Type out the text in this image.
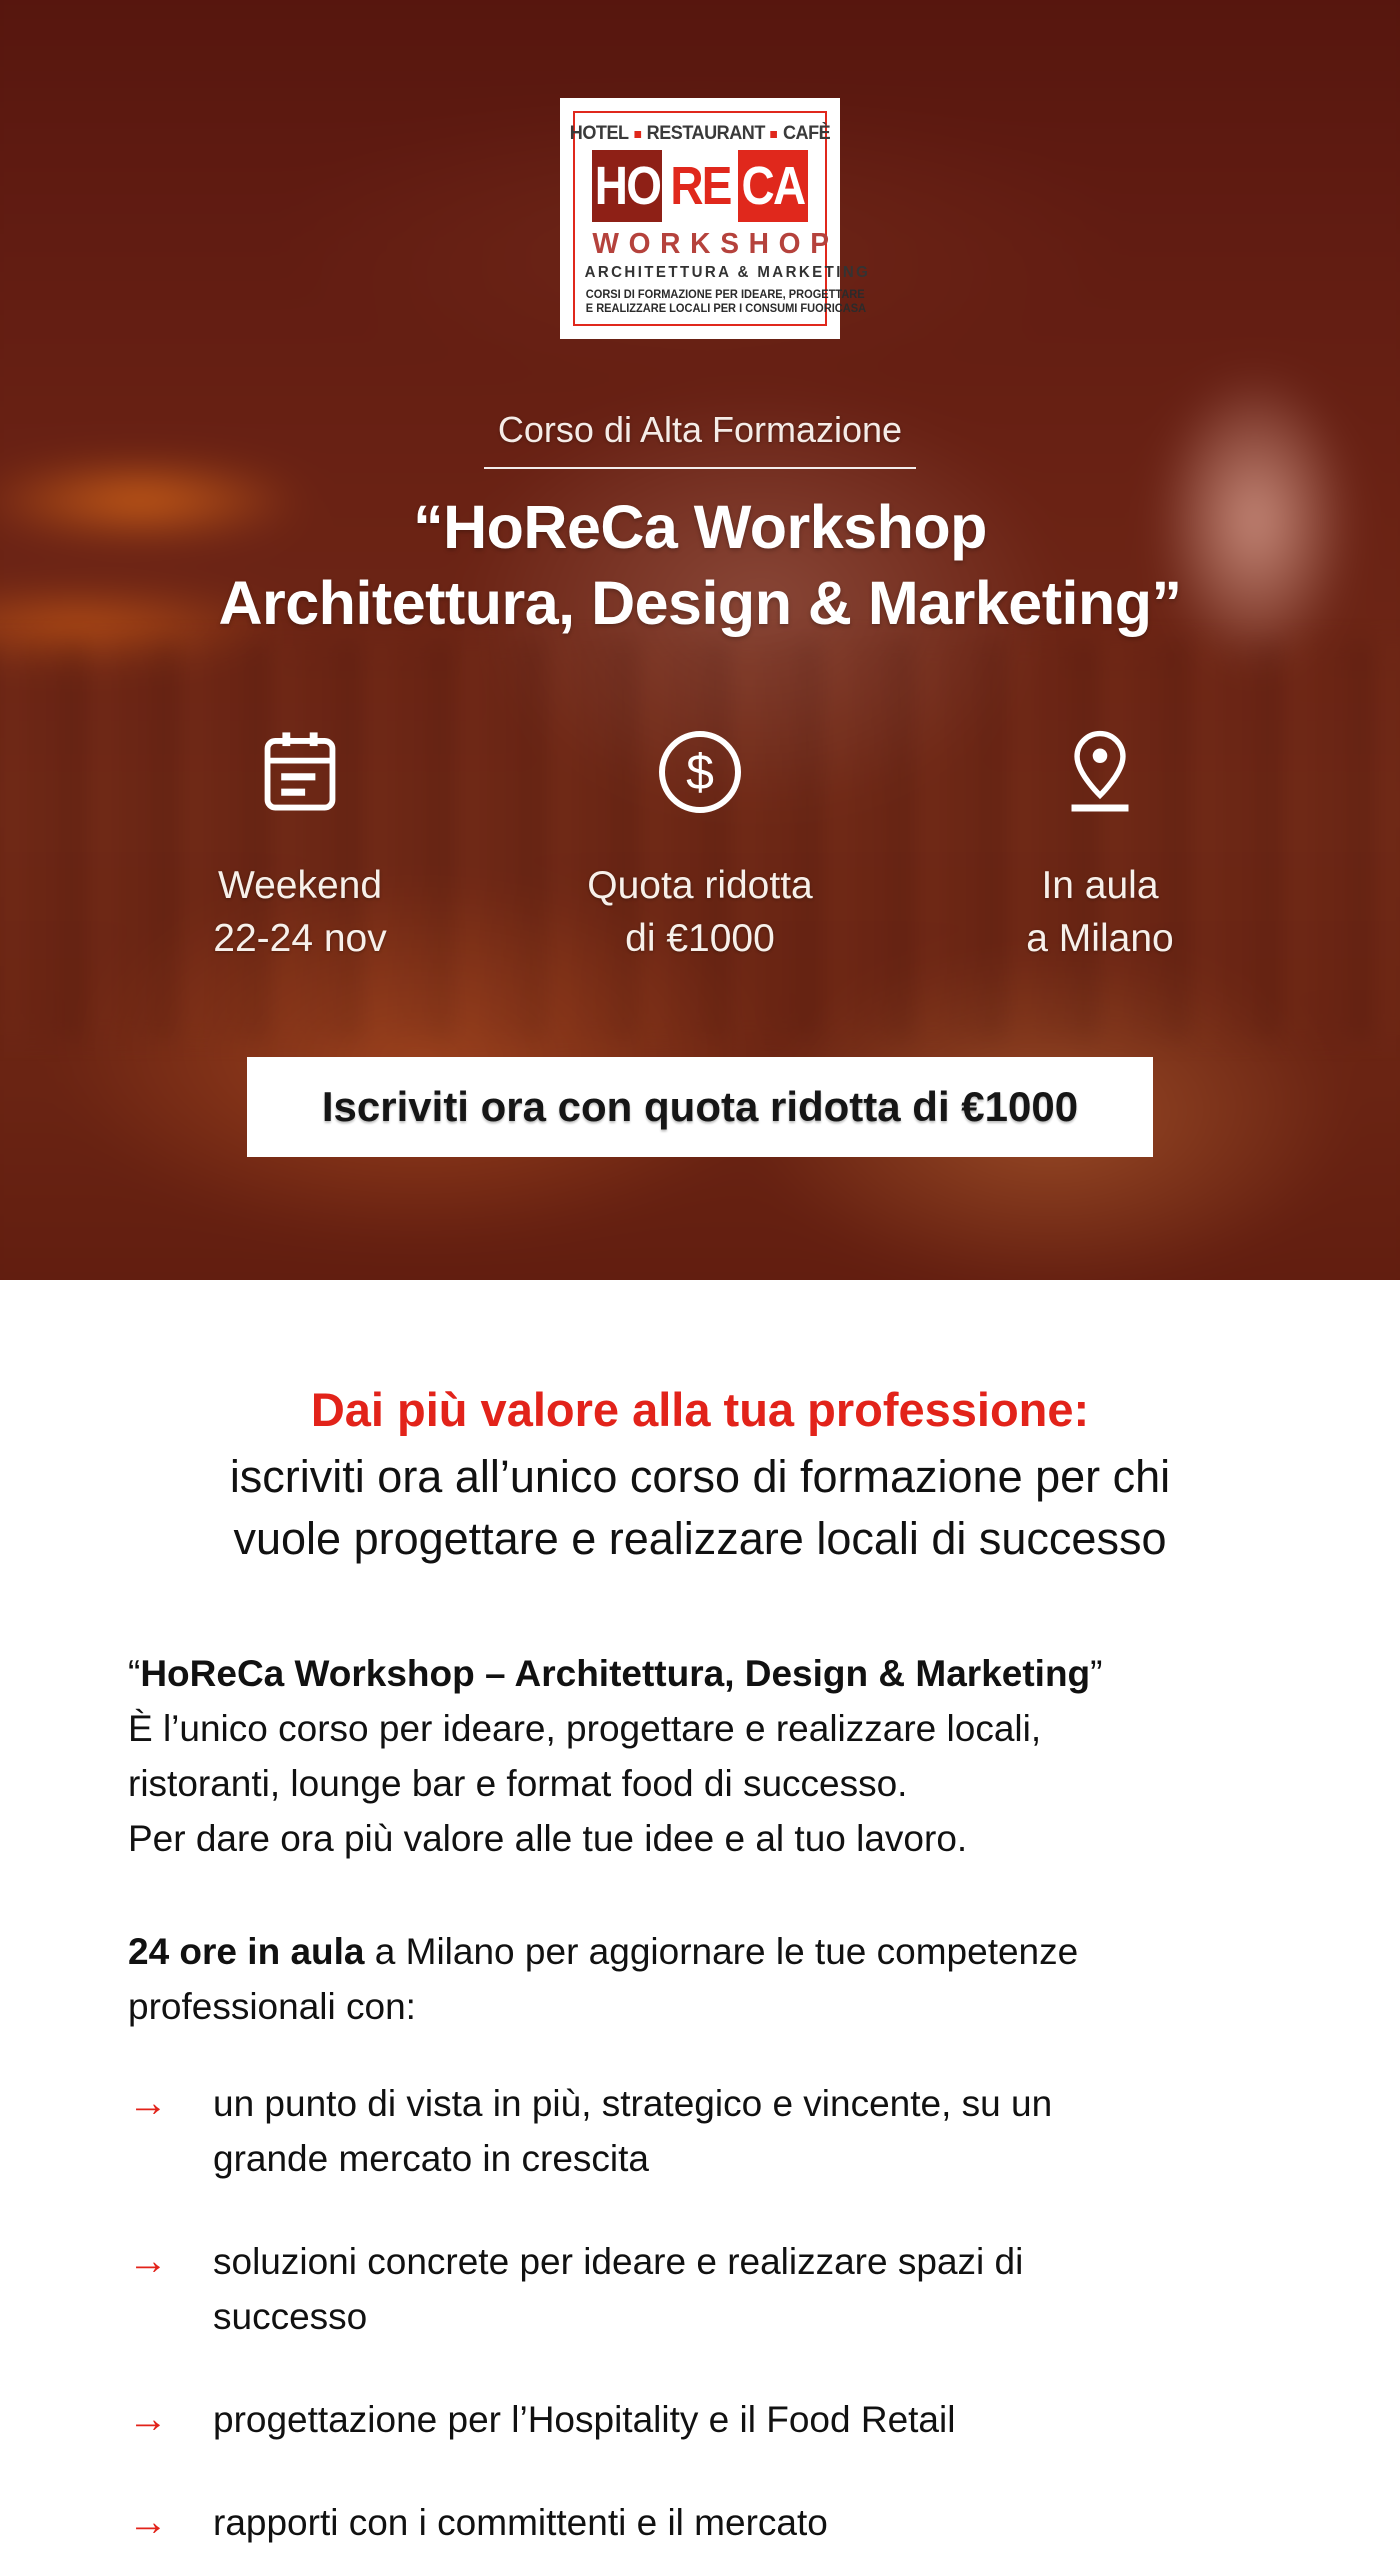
HOTEL RESTAURANT CAFÈ
HO RE CA
WORKSHOP
ARCHITETTURA & MARKETING
CORSI DI FORMAZIONE PER IDEARE, PROGETTARE
E REALIZZARE LOCALI PER I CONSUMI FUORICASA
Corso di Alta Formazione
“HoReCa Workshop
Architettura, Design & Marketing”
Weekend
22-24 nov
$
Quota ridotta
di €1000
In aula
a Milano
Iscriviti ora con quota ridotta di €1000
Dai più valore alla tua professione:
iscriviti ora all’unico corso di formazione per chi
vuole progettare e realizzare locali di successo
“HoReCa Workshop – Architettura, Design & Marketing”
È l’unico corso per ideare, progettare e realizzare locali,
ristoranti, lounge bar e format food di successo.
Per dare ora più valore alle tue idee e al tuo lavoro.
24 ore in aula a Milano per aggiornare le tue competenze
professionali con:
→	un punto di vista in più, strategico e vincente, su un
grande mercato in crescita
→	soluzioni concrete per ideare e realizzare spazi di
successo
→	progettazione per l’Hospitality e il Food Retail
→	rapporti con i committenti e il mercato
